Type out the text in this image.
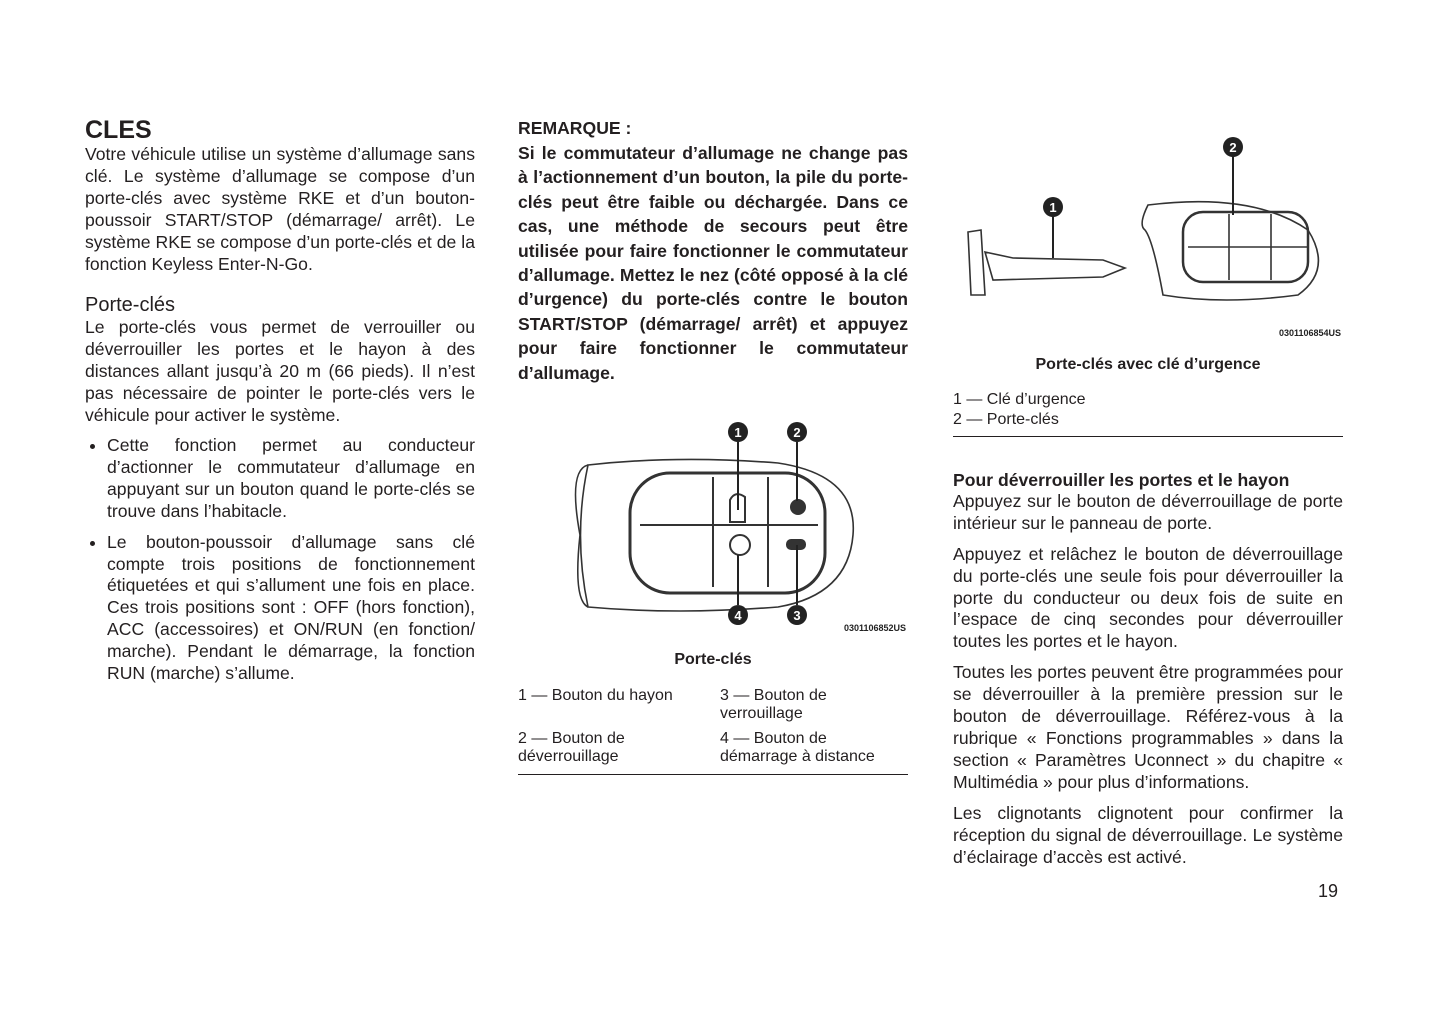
CLES

Votre véhicule utilise un système d’allumage sans clé. Le système d’allumage se compose d’un porte-clés avec système RKE et d’un bouton-poussoir START/STOP (démarrage/ arrêt). Le système RKE se compose d’un porte-clés et de la fonction Keyless Enter-N-Go.

Porte-clés

Le porte-clés vous permet de verrouiller ou déverrouiller les portes et le hayon à des distances allant jusqu’à 20 m (66 pieds). Il n’est pas nécessaire de pointer le porte-clés vers le véhicule pour activer le système.

• Cette fonction permet au conducteur d’actionner le commutateur d’allumage en appuyant sur un bouton quand le porte-clés se trouve dans l’habitacle.
• Le bouton-poussoir d’allumage sans clé compte trois positions de fonctionnement étiquetées et qui s’allument une fois en place. Ces trois positions sont : OFF (hors fonction), ACC (accessoires) et ON/RUN (en fonction/ marche). Pendant le démarrage, la fonction RUN (marche) s’allume.

REMARQUE :

Si le commutateur d’allumage ne change pas à l’actionnement d’un bouton, la pile du porte-clés peut être faible ou déchargée. Dans ce cas, une méthode de secours peut être utilisée pour faire fonctionner le commutateur d’allumage. Mettez le nez (côté opposé à la clé d’urgence) du porte-clés contre le bouton START/STOP (démarrage/ arrêt) et appuyez pour faire fonctionner le commutateur d’allumage.

1	2
3
4
0301106852US
Porte-clés
1 — Bouton du hayon	3 — Bouton de verrouillage
2 — Bouton de déverrouillage
4 — Bouton de démarrage à distance
1
2
0301106854US
Porte-clés avec clé d’urgence
1 — Clé d’urgence
2 — Porte-clés
Pour déverrouiller les portes et le hayon

Appuyez sur le bouton de déverrouillage de porte intérieur sur le panneau de porte.

Appuyez et relâchez le bouton de déverrouillage du porte-clés une seule fois pour déverrouiller la porte du conducteur ou deux fois de suite en l’espace de cinq secondes pour déverrouiller toutes les portes et le hayon.

Toutes les portes peuvent être programmées pour se déverrouiller à la première pression sur le bouton de déverrouillage. Référez-vous à la rubrique « Fonctions programmables » dans la section « Paramètres Uconnect » du chapitre « Multimédia » pour plus d’informations.

Les clignotants clignotent pour confirmer la réception du signal de déverrouillage. Le système d’éclairage d’accès est activé.

19
